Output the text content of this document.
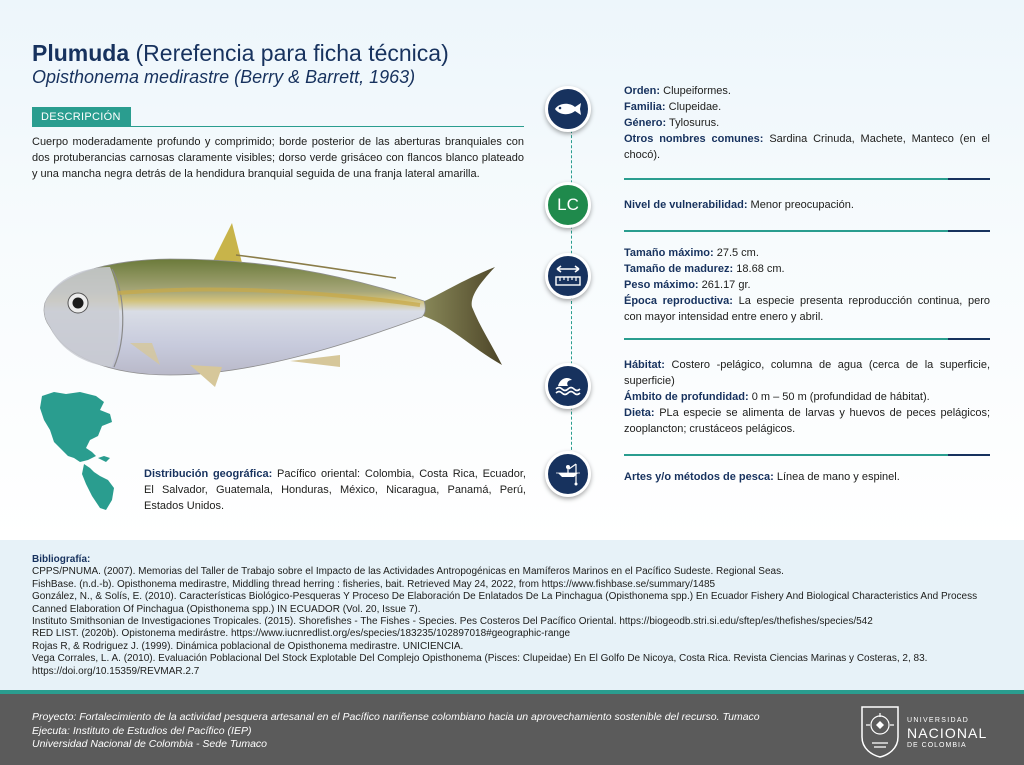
Plumuda (Rerefencia para ficha técnica)
Opisthonema medirastre (Berry & Barrett, 1963)
DESCRIPCIÓN
Cuerpo moderadamente profundo y comprimido; borde posterior de las aberturas branquiales con dos protuberancias carnosas claramente visibles; dorso verde grisáceo con flancos blanco plateado y una mancha negra detrás de la hendidura branquial seguida de una franja lateral amarilla.
Distribución geográfica: Pacífico oriental: Colombia, Costa Rica, Ecuador, El Salvador, Guatemala, Honduras, México, Nicaragua, Panamá, Perú, Estados Unidos.
LC
Orden: Clupeiformes.
Familia: Clupeidae.
Género: Tylosurus.
Otros nombres comunes: Sardina Crinuda, Machete, Manteco (en el chocó).
Nivel de vulnerabilidad: Menor preocupación.
Tamaño máximo: 27.5 cm.
Tamaño de madurez: 18.68 cm.
Peso máximo: 261.17 gr.
Época reproductiva: La especie presenta reproducción continua, pero con mayor intensidad entre enero y abril.
Hábitat: Costero -pelágico, columna de agua (cerca de la superficie, superficie)
Ámbito de profundidad: 0 m – 50 m (profundidad de hábitat).
Dieta: PLa especie se alimenta de larvas y huevos de peces pelágicos; zooplancton; crustáceos pelágicos.
Artes y/o métodos de pesca: Línea de mano y espinel.
Bibliografía:
CPPS/PNUMA. (2007). Memorias del Taller de Trabajo sobre el Impacto de las Actividades Antropogénicas en Mamíferos Marinos en el Pacífico Sudeste. Regional Seas.
FishBase. (n.d.-b). Opisthonema medirastre, Middling thread herring : fisheries, bait. Retrieved May 24, 2022, from https://www.fishbase.se/summary/1485
González, N., & Solís, E. (2010). Características Biológico-Pesqueras Y Proceso De Elaboración De Enlatados De La Pinchagua (Opisthonema spp.) En Ecuador Fishery And Biological Characteristics And Process Canned Elaboration Of Pinchagua (Opisthonema spp.) IN ECUADOR (Vol. 20, Issue 7).
Instituto Smithsonian de Investigaciones Tropicales. (2015). Shorefishes - The Fishes - Species. Pes Costeros Del Pacífico Oriental. https://biogeodb.stri.si.edu/sftep/es/thefishes/species/542
RED LIST. (2020b). Opistonema medirástre. https://www.iucnredlist.org/es/species/183235/102897018#geographic-range
Rojas R, & Rodriguez J. (1999). Dinámica poblacional de Opisthonema medirastre. UNICIENCIA.
Vega Corrales, L. A. (2010). Evaluación Poblacional Del Stock Explotable Del Complejo Opisthonema (Pisces: Clupeidae) En El Golfo De Nicoya, Costa Rica. Revista Ciencias Marinas y Costeras, 2, 83. https://doi.org/10.15359/REVMAR.2.7
Proyecto: Fortalecimiento de la actividad pesquera artesanal en el Pacífico nariñense colombiano hacia un aprovechamiento sostenible del recurso. Tumaco
Ejecuta: Instituto de Estudios del Pacífico (IEP)
Universidad Nacional de Colombia - Sede Tumaco
UNIVERSIDAD
NACIONAL
DE COLOMBIA
